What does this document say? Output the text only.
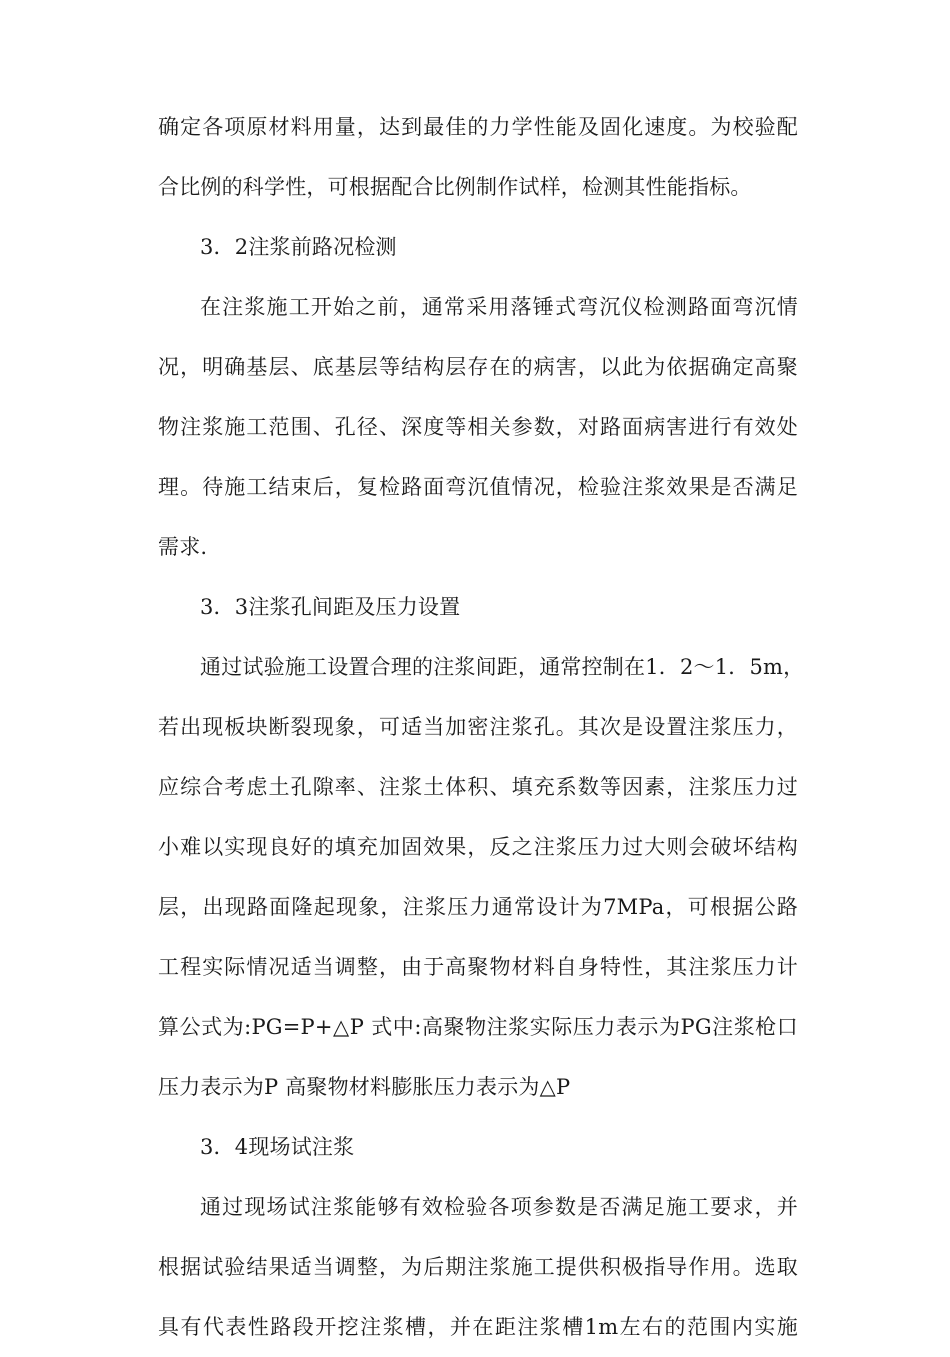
确定各项原材料用量，达到最佳的力学性能及固化速度。为校验配
合比例的科学性，可根据配合比例制作试样，检测其性能指标。
3．2注浆前路况检测
在注浆施工开始之前，通常采用落锤式弯沉仪检测路面弯沉情
况，明确基层、底基层等结构层存在的病害，以此为依据确定高聚
物注浆施工范围、孔径、深度等相关参数，对路面病害进行有效处
理。待施工结束后，复检路面弯沉值情况，检验注浆效果是否满足
需求.
3．3注浆孔间距及压力设置
通过试验施工设置合理的注浆间距，通常控制在1．2～1．5m，
若出现板块断裂现象，可适当加密注浆孔。其次是设置注浆压力，
应综合考虑土孔隙率、注浆土体积、填充系数等因素，注浆压力过
小难以实现良好的填充加固效果，反之注浆压力过大则会破坏结构
层，出现路面隆起现象，注浆压力通常设计为7MPa，可根据公路
工程实际情况适当调整，由于高聚物材料自身特性，其注浆压力计
算公式为:PG=P+△P 式中:高聚物注浆实际压力表示为PG注浆枪口
压力表示为P 高聚物材料膨胀压力表示为△P
3．4现场试注浆
通过现场试注浆能够有效检验各项参数是否满足施工要求，并
根据试验结果适当调整，为后期注浆施工提供积极指导作用。选取
具有代表性路段开挖注浆槽，并在距注浆槽1m左右的范围内实施
